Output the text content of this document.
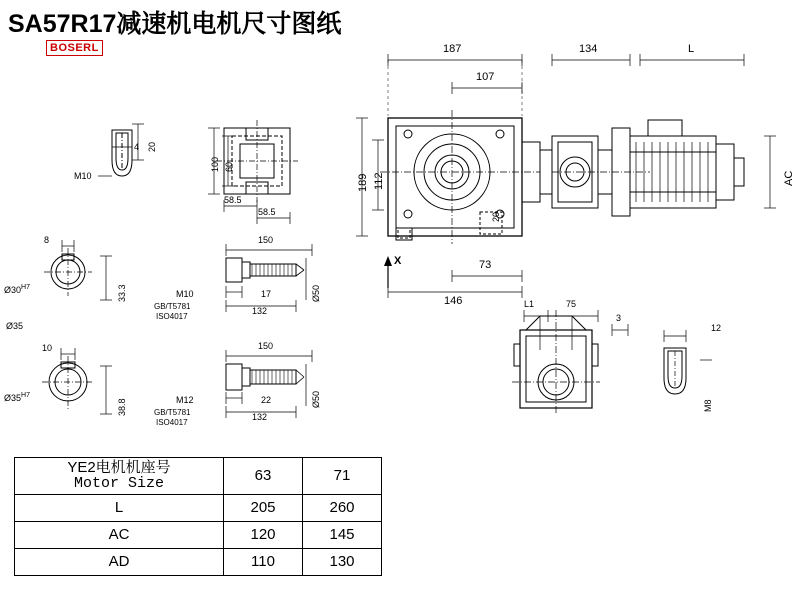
SA57R17减速机电机尺寸图纸
BOSERL
20
4
M10
100 60
58.5
58.5
8
$Ø30^{H7}$	33.3
Ø35
10
$Ø35^{H7}$
38.8
150
M10
GB/T5781
ISO4017
17
132
Ø50
150
M12
GB/T5781
ISO4017
22
132
Ø50
187
107
134	L
189 112	AC
20
73
146
X
L1	75
3
12
M8
YE2电机机座号
Motor Size	63	71
L	205	260
AC	120	145
AD	110	130
